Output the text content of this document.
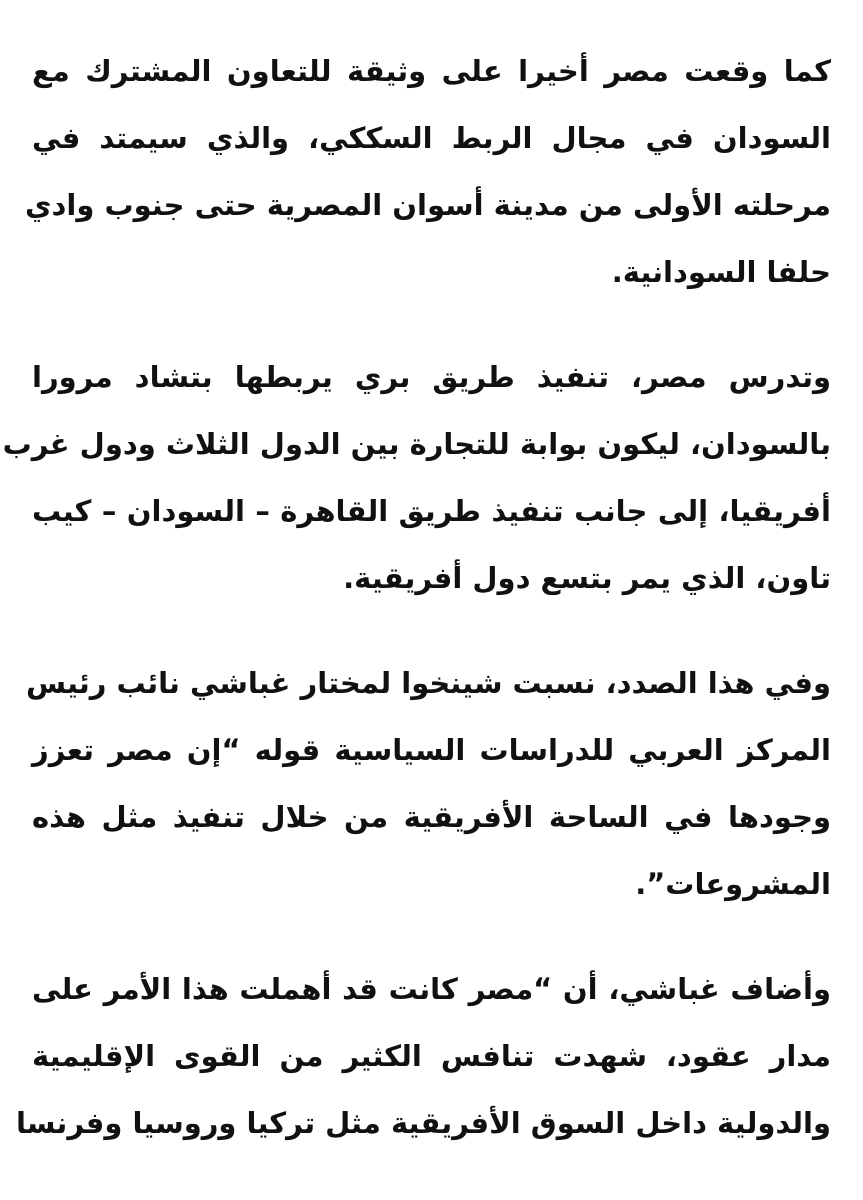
كما وقعت مصر أخيرا على وثيقة للتعاون المشترك مع
السودان في مجال الربط السككي، والذي سيمتد في
مرحلته الأولى من مدينة أسوان المصرية حتى جنوب وادي
حلفا السودانية.

وتدرس مصر، تنفيذ طريق بري يربطها بتشاد مرورا
بالسودان، ليكون بوابة للتجارة بين الدول الثلاث ودول غرب
أفريقيا، إلى جانب تنفيذ طريق القاهرة – السودان – كيب
تاون، الذي يمر بتسع دول أفريقية.

وفي هذا الصدد، نسبت شينخوا لمختار غباشي نائب رئيس
المركز العربي للدراسات السياسية قوله “إن مصر تعزز
وجودها في الساحة الأفريقية من خلال تنفيذ مثل هذه
المشروعات”.

وأضاف غباشي، أن “مصر كانت قد أهملت هذا الأمر على
مدار عقود، شهدت تنافس الكثير من القوى الإقليمية
والدولية داخل السوق الأفريقية مثل تركيا وروسيا وفرنسا
